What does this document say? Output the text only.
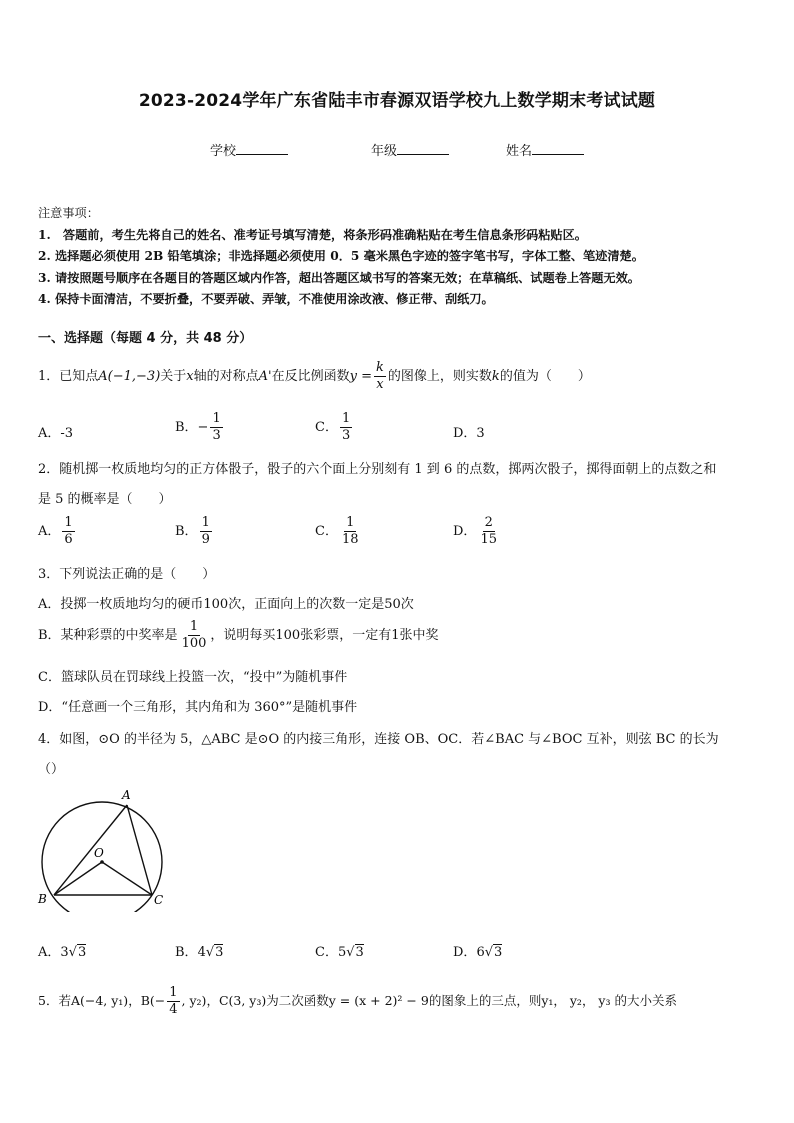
2023-2024学年广东省陆丰市春源双语学校九上数学期末考试试题
学校	年级	姓名
注意事项：
1.　答题前，考生先将自己的姓名、准考证号填写清楚，将条形码准确粘贴在考生信息条形码粘贴区。
2. 选择题必须使用 2B 铅笔填涂；非选择题必须使用 0．5 毫米黑色字迹的签字笔书写，字体工整、笔迹清楚。
3. 请按照题号顺序在各题目的答题区域内作答，超出答题区域书写的答案无效；在草稿纸、试题卷上答题无效。
4. 保持卡面清洁，不要折叠，不要弄破、弄皱，不准使用涂改液、修正带、刮纸刀。
一、选择题（每题 4 分，共 48 分）
1．已知点A(−1,−3)关于x轴的对称点A'在反比例函数$y = \frac{k}{x}$ 的图像上，则实数k的值为（　　）
A．-3	B．− $\frac{1}{3}$	C． $\frac{1}{3}$	D．3
2．随机掷一枚质地均匀的正方体骰子，骰子的六个面上分别刻有 1 到 6 的点数，掷两次骰子，掷得面朝上的点数之和
是 5 的概率是（　　）
A． $\frac{1}{6}$	B． $\frac{1}{9}$	C． $\frac{1}{18}$	D． $\frac{2}{15}$
3．下列说法正确的是（　　）
A．投掷一枚质地均匀的硬币100次，正面向上的次数一定是50次
B．某种彩票的中奖率是 $\frac{1}{100}$ ，说明每买100张彩票，一定有1张中奖
C．篮球队员在罚球线上投篮一次，“投中”为随机事件
D．“任意画一个三角形，其内角和为 360°”是随机事件
4．如图，⊙O 的半径为 5，△ABC 是⊙O 的内接三角形，连接 OB、OC．若∠BAC 与∠BOC 互补，则弦 BC 的长为
（）
A
O
B	C
A．3√3	B．4√3	C．5√3	D．6√3
5．若A(−4, y₁)，$B(- \frac{1}{4}$ , y₂)，C(3, y₃)为二次函数y = (x + 2)² − 9的图象上的三点，则y₁， y₂， y₃ 的大小关系
